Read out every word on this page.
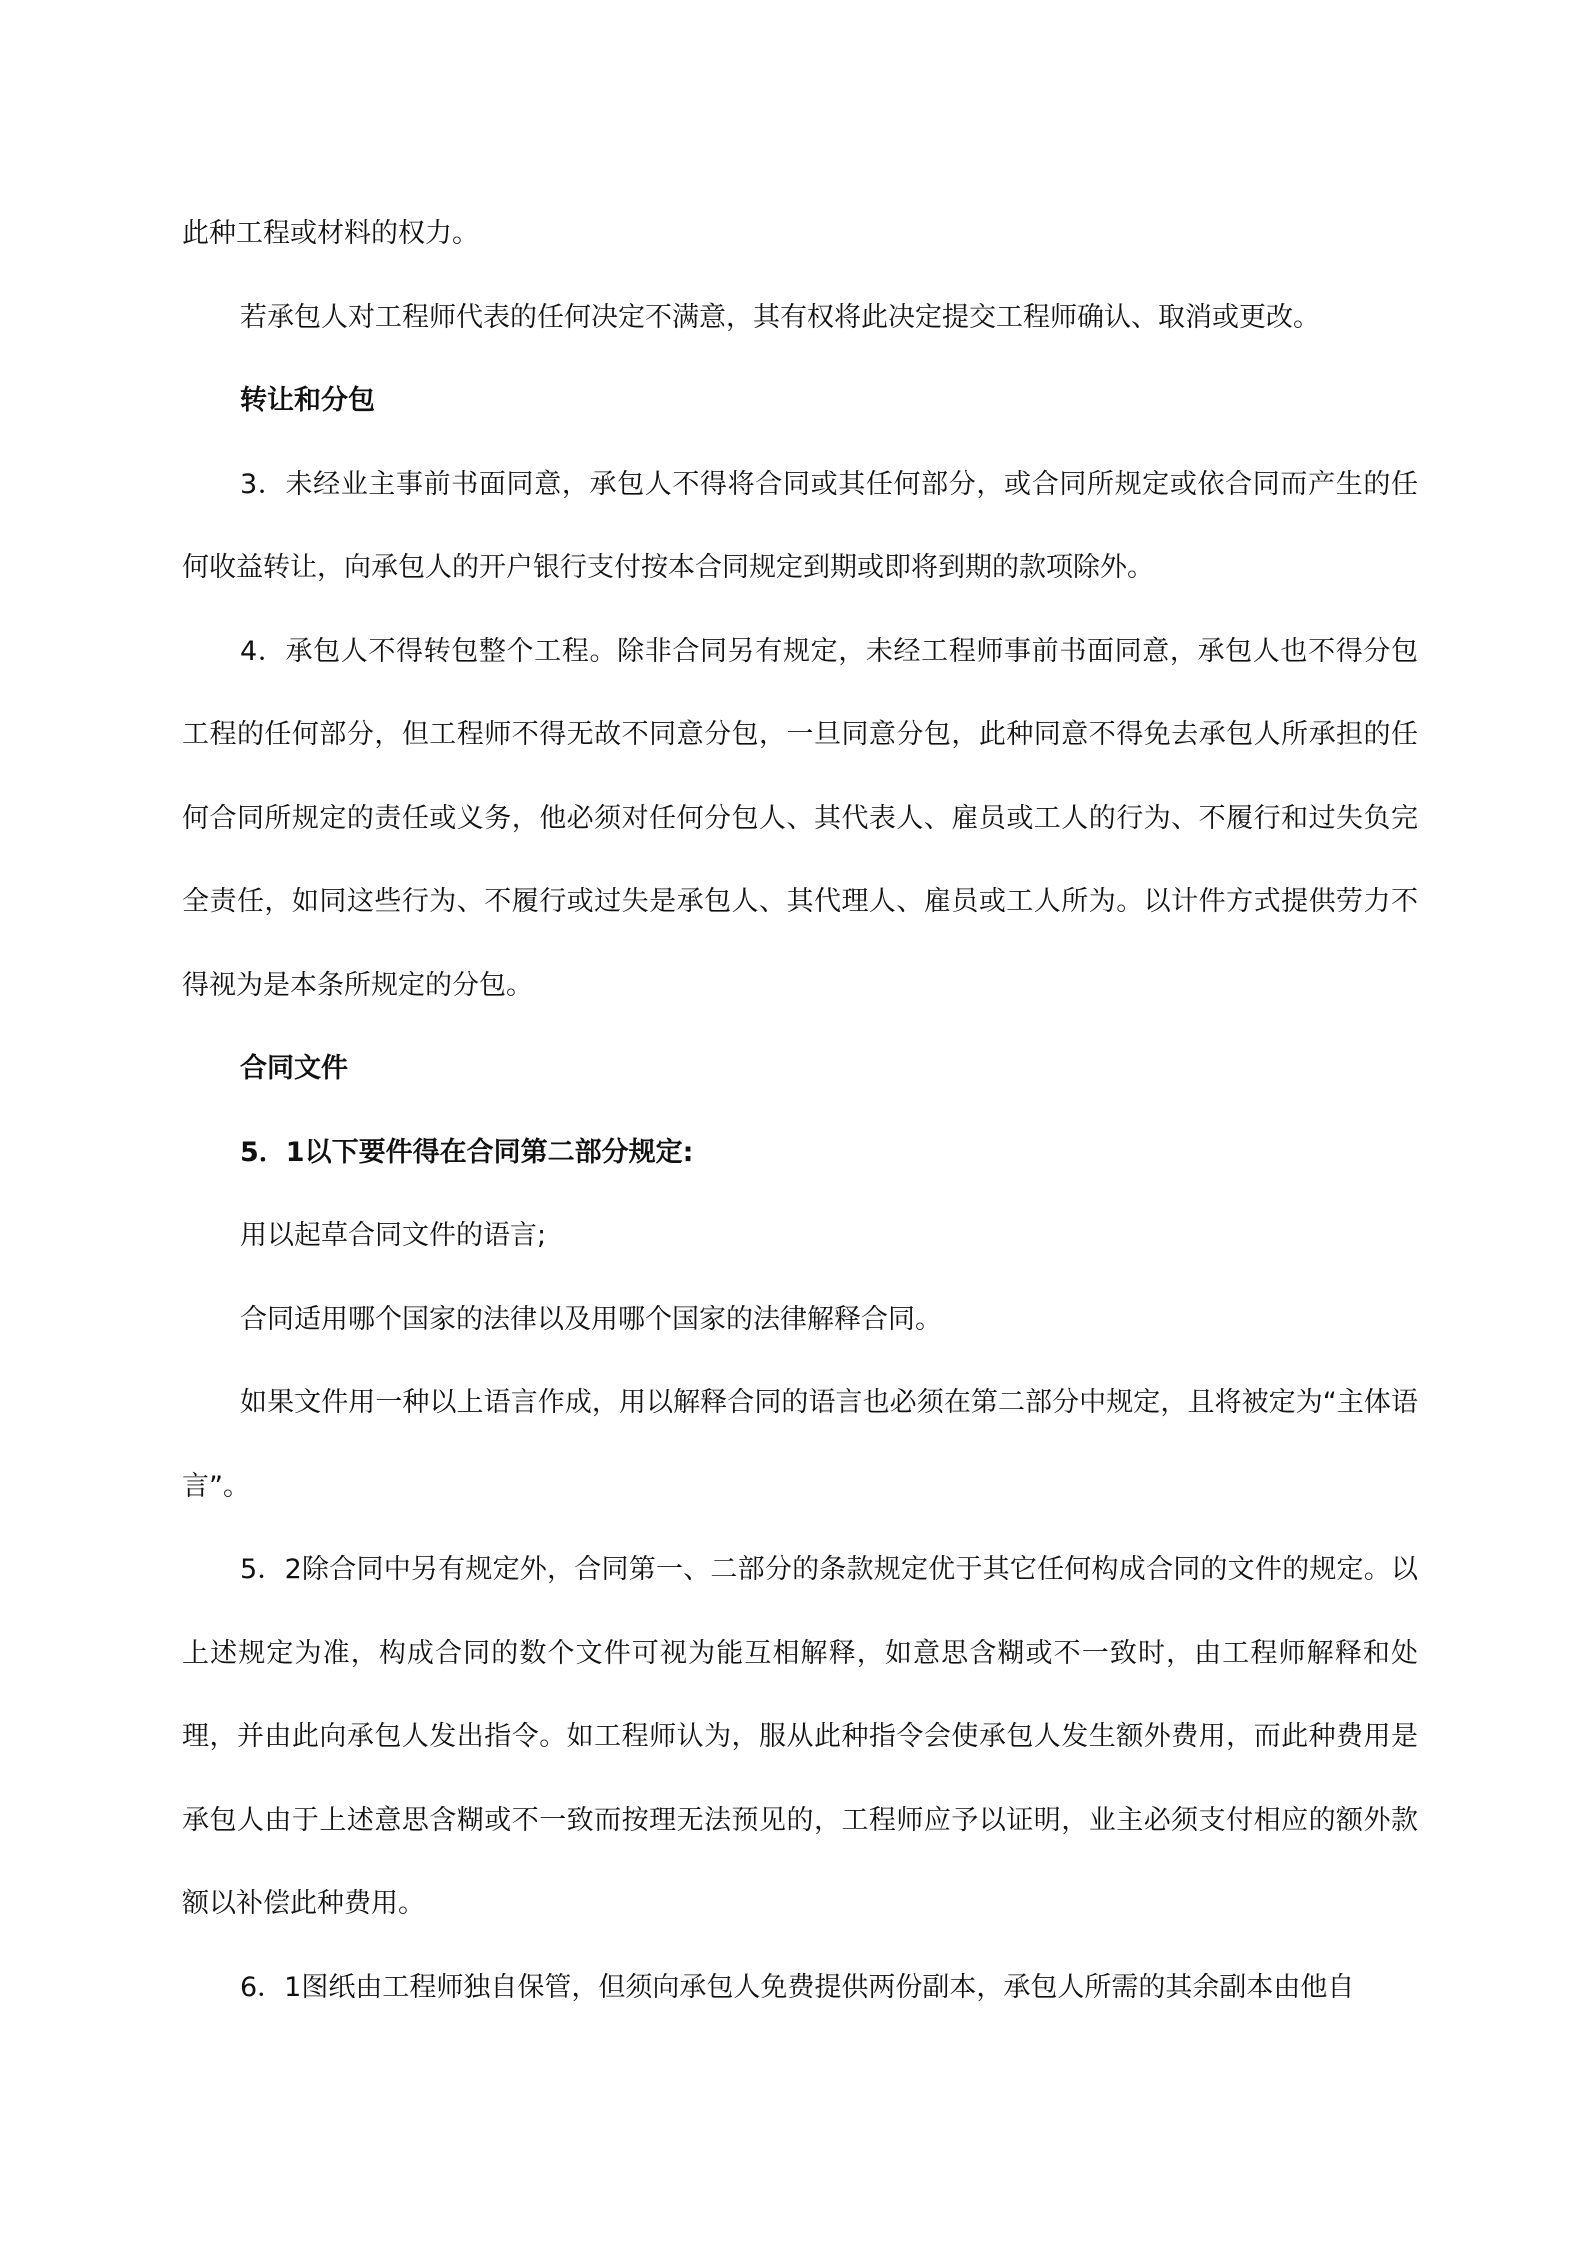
此种工程或材料的权力。

若承包人对工程师代表的任何决定不满意，其有权将此决定提交工程师确认、取消或更改。

转让和分包

3．未经业主事前书面同意，承包人不得将合同或其任何部分，或合同所规定或依合同而产生的任何收益转让，向承包人的开户银行支付按本合同规定到期或即将到期的款项除外。

4．承包人不得转包整个工程。除非合同另有规定，未经工程师事前书面同意，承包人也不得分包工程的任何部分，但工程师不得无故不同意分包，一旦同意分包，此种同意不得免去承包人所承担的任何合同所规定的责任或义务，他必须对任何分包人、其代表人、雇员或工人的行为、不履行和过失负完全责任，如同这些行为、不履行或过失是承包人、其代理人、雇员或工人所为。以计件方式提供劳力不得视为是本条所规定的分包。

合同文件

5．1以下要件得在合同第二部分规定:

用以起草合同文件的语言;

合同适用哪个国家的法律以及用哪个国家的法律解释合同。

如果文件用一种以上语言作成，用以解释合同的语言也必须在第二部分中规定，且将被定为“主体语言”。

5．2除合同中另有规定外，合同第一、二部分的条款规定优于其它任何构成合同的文件的规定。以上述规定为准，构成合同的数个文件可视为能互相解释，如意思含糊或不一致时，由工程师解释和处理，并由此向承包人发出指令。如工程师认为，服从此种指令会使承包人发生额外费用，而此种费用是承包人由于上述意思含糊或不一致而按理无法预见的，工程师应予以证明，业主必须支付相应的额外款额以补偿此种费用。

6．1图纸由工程师独自保管，但须向承包人免费提供两份副本，承包人所需的其余副本由他自
